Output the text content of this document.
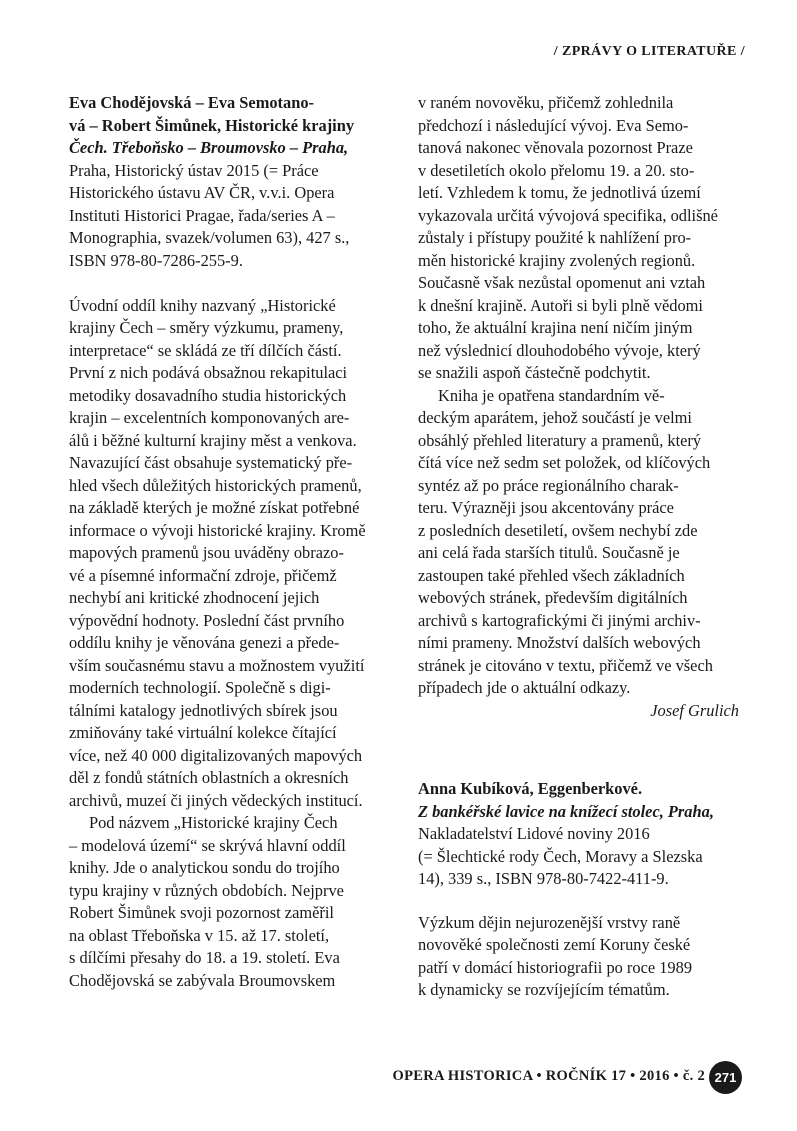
/ ZPRÁVY O LITERATUŘE /
Eva Chodějovská – Eva Semotano-
vá – Robert Šimůnek, Historické krajiny
Čech. Třeboňsko – Broumovsko – Praha,
Praha, Historický ústav 2015 (= Práce
Historického ústavu AV ČR, v.v.i. Opera
Instituti Historici Pragae, řada/series A –
Monographia, svazek/volumen 63), 427 s.,
ISBN 978-80-7286-255-9.
Úvodní oddíl knihy nazvaný „Historické
krajiny Čech – směry výzkumu, prameny,
interpretace“ se skládá ze tří dílčích částí.
První z nich podává obsažnou rekapitulaci
metodiky dosavadního studia historických
krajin – excelentních komponovaných are-
álů i běžné kulturní krajiny měst a venkova.
Navazující část obsahuje systematický pře-
hled všech důležitých historických pramenů,
na základě kterých je možné získat potřebné
informace o vývoji historické krajiny. Kromě
mapových pramenů jsou uváděny obrazo-
vé a písemné informační zdroje, přičemž
nechybí ani kritické zhodnocení jejich
výpovědní hodnoty. Poslední část prvního
oddílu knihy je věnována genezi a přede-
vším současnému stavu a možnostem využití
moderních technologií. Společně s digi-
tálními katalogy jednotlivých sbírek jsou
zmiňovány také virtuální kolekce čítající
více, než 40 000 digitalizovaných mapových
děl z fondů státních oblastních a okresních
archivů, muzeí či jiných vědeckých institucí.
Pod názvem „Historické krajiny Čech
– modelová území“ se skrývá hlavní oddíl
knihy. Jde o analytickou sondu do trojího
typu krajiny v různých obdobích. Nejprve
Robert Šimůnek svoji pozornost zaměřil
na oblast Třeboňska v 15. až 17. století,
s dílčími přesahy do 18. a 19. století. Eva
Chodějovská se zabývala Broumovskem
v raném novověku, přičemž zohlednila
předchozí i následující vývoj. Eva Semo-
tanová nakonec věnovala pozornost Praze
v desetiletích okolo přelomu 19. a 20. sto-
letí. Vzhledem k tomu, že jednotlivá území
vykazovala určitá vývojová specifika, odlišné
zůstaly i přístupy použité k nahlížení pro-
měn historické krajiny zvolených regionů.
Současně však nezůstal opomenut ani vztah
k dnešní krajině. Autoři si byli plně vědomi
toho, že aktuální krajina není ničím jiným
než výslednicí dlouhodobého vývoje, který
se snažili aspoň částečně podchytit.
Kniha je opatřena standardním vě-
deckým aparátem, jehož součástí je velmi
obsáhlý přehled literatury a pramenů, který
čítá více než sedm set položek, od klíčových
syntéz až po práce regionálního charak-
teru. Výrazněji jsou akcentovány práce
z posledních desetiletí, ovšem nechybí zde
ani celá řada starších titulů. Současně je
zastoupen také přehled všech základních
webových stránek, především digitálních
archivů s kartografickými či jinými archiv-
ními prameny. Množství dalších webových
stránek je citováno v textu, přičemž ve všech
případech jde o aktuální odkazy.
Josef Grulich
Anna Kubíková, Eggenberkové.
Z bankéřské lavice na knížecí stolec, Praha,
Nakladatelství Lidové noviny 2016
(= Šlechtické rody Čech, Moravy a Slezska
14), 339 s., ISBN 978-80-7422-411-9.
Výzkum dějin nejurozenější vrstvy raně
novověké společnosti zemí Koruny české
patří v domácí historiografii po roce 1989
k dynamicky se rozvíjejícím tématům.
OPERA HISTORICA • ROČNÍK 17 • 2016 • č. 2 271
